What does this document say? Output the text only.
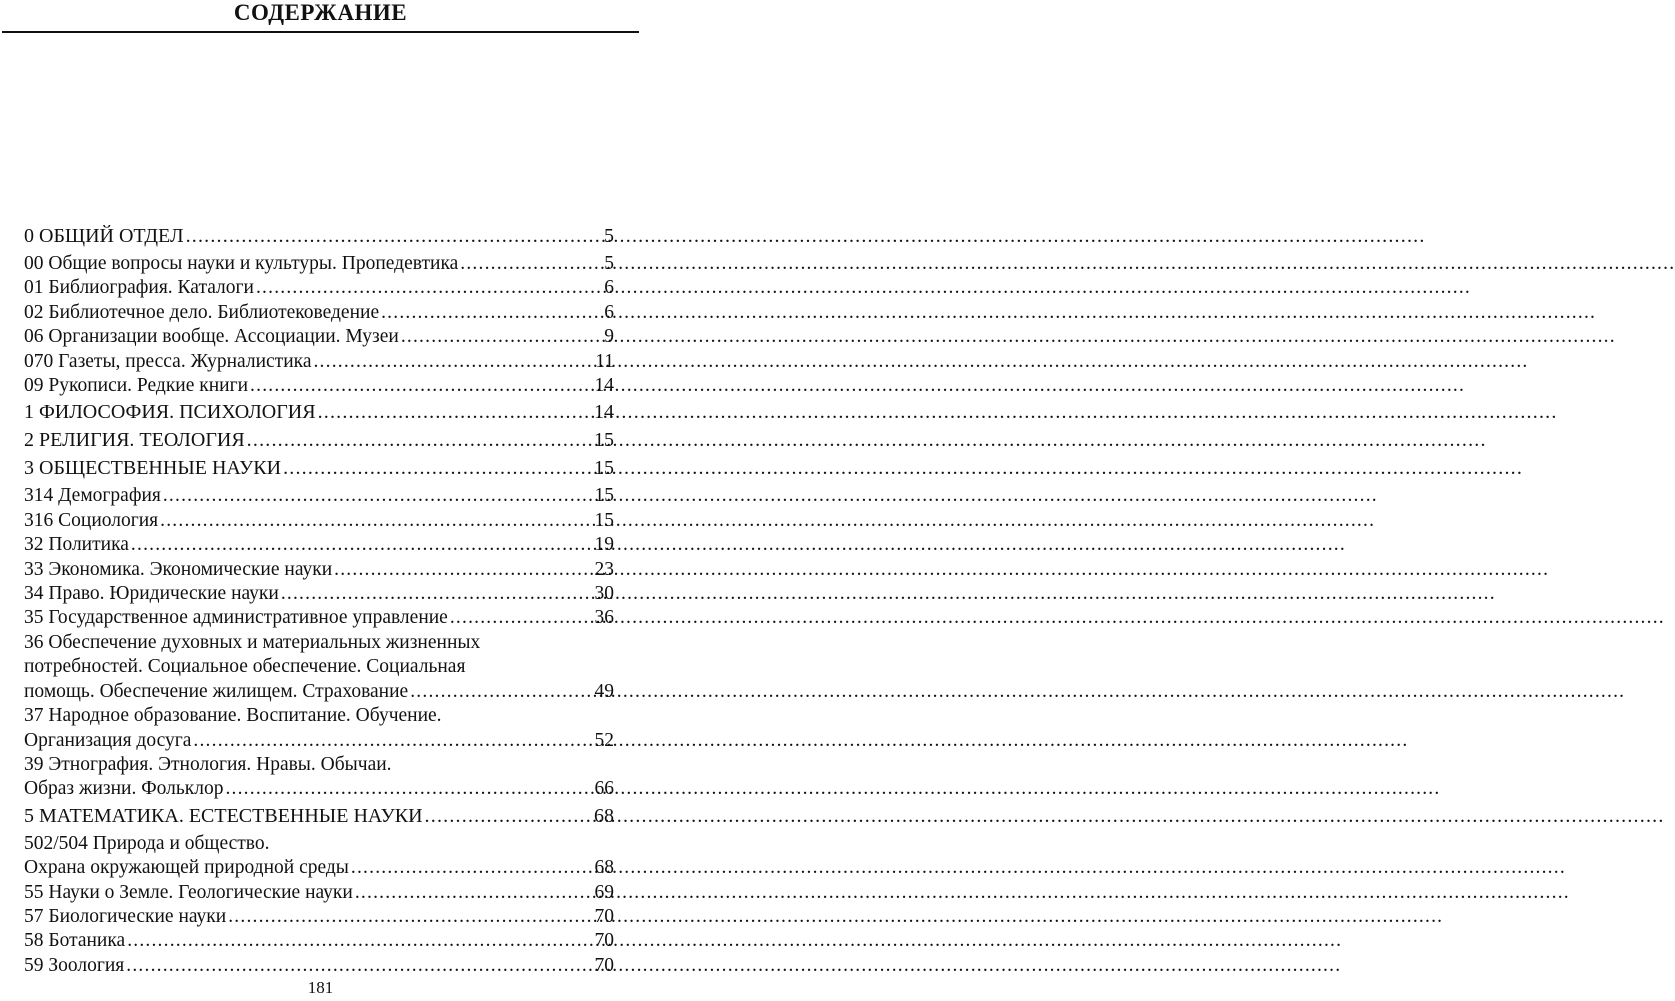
СОДЕРЖАНИЕ
0 ОБЩИЙ ОТДЕЛ .....	5
00 Общие вопросы науки и культуры. Пропедевтика .....	5
01 Библиография. Каталоги .....	6
02 Библиотечное дело. Библиотековедение .....	6
06 Организации вообще. Ассоциации. Музеи .....	9
070 Газеты, пресса. Журналистика .....	11
09 Рукописи. Редкие книги .....	14
1 ФИЛОСОФИЯ. ПСИХОЛОГИЯ .....	14
2 РЕЛИГИЯ. ТЕОЛОГИЯ .....	15
3 ОБЩЕСТВЕННЫЕ НАУКИ .....	15
314 Демография .....	15
316 Социология .....	15
32 Политика .....	19
33 Экономика. Экономические науки .....	23
34 Право. Юридические науки .....	30
35 Государственное административное управление .....	36
36 Обеспечение духовных и материальных жизненных
потребностей. Социальное обеспечение. Социальная
помощь. Обеспечение жилищем. Страхование .....	49
37 Народное образование. Воспитание. Обучение.
Организация досуга .....	52
39 Этнография. Этнология. Нравы. Обычаи.
Образ жизни. Фольклор .....	66
5 МАТЕМАТИКА. ЕСТЕСТВЕННЫЕ НАУКИ .....	68
502/504 Природа и общество.
Охрана окружающей природной среды .....	68
55 Науки о Земле. Геологические науки .....	69
57 Биологические науки .....	70
58 Ботаника .....	70
59 Зоология .....	70
181
